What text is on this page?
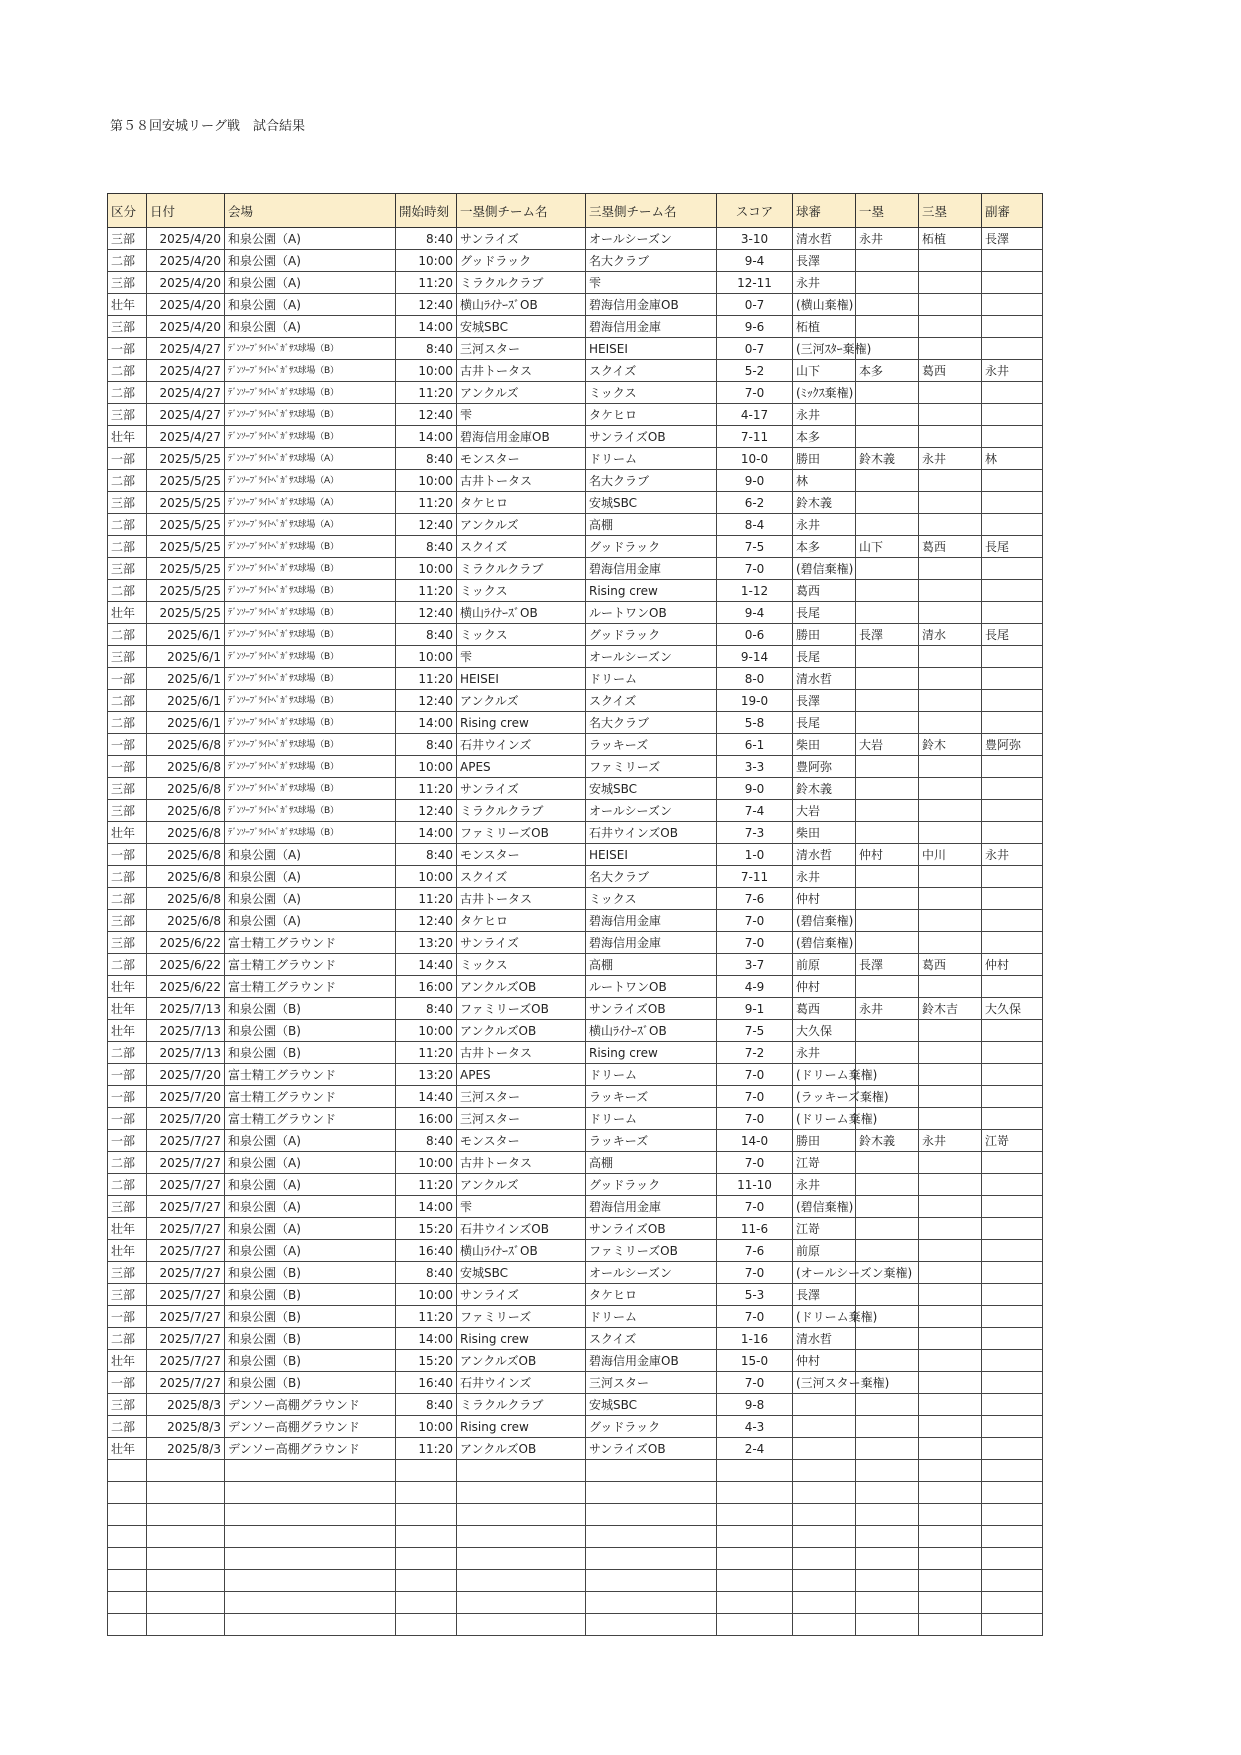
第５８回安城リーグ戦　試合結果
区分	日付	会場	開始時刻	一塁側チーム名	三塁側チーム名	スコア	球審	一塁	三塁	副審
三部	2025/4/20	和泉公園（A)	8:40	サンライズ	オールシーズン	3-10	清水哲	永井	柘植	長澤
二部	2025/4/20	和泉公園（A)	10:00	グッドラック	名大クラブ	9-4	長澤			
三部	2025/4/20	和泉公園（A)	11:20	ミラクルクラブ	雫	12-11	永井			
壮年	2025/4/20	和泉公園（A)	12:40	横山ﾗｲﾅｰｽﾞOB	碧海信用金庫OB	0-7	(横山棄権)			
三部	2025/4/20	和泉公園（A)	14:00	安城SBC	碧海信用金庫	9-6	柘植			
一部	2025/4/27	ﾃﾞﾝｿｰﾌﾞﾗｲﾄﾍﾟｶﾞｻｽ球場（B）	8:40	三河スター	HEISEI	0-7	(三河ｽﾀｰ棄権)			
二部	2025/4/27	ﾃﾞﾝｿｰﾌﾞﾗｲﾄﾍﾟｶﾞｻｽ球場（B）	10:00	古井トータス	スクイズ	5-2	山下	本多	葛西	永井
二部	2025/4/27	ﾃﾞﾝｿｰﾌﾞﾗｲﾄﾍﾟｶﾞｻｽ球場（B）	11:20	アンクルズ	ミックス	7-0	(ﾐｯｸｽ棄権)			
三部	2025/4/27	ﾃﾞﾝｿｰﾌﾞﾗｲﾄﾍﾟｶﾞｻｽ球場（B）	12:40	雫	タケヒロ	4-17	永井			
壮年	2025/4/27	ﾃﾞﾝｿｰﾌﾞﾗｲﾄﾍﾟｶﾞｻｽ球場（B）	14:00	碧海信用金庫OB	サンライズOB	7-11	本多			
一部	2025/5/25	ﾃﾞﾝｿｰﾌﾞﾗｲﾄﾍﾟｶﾞｻｽ球場（A）	8:40	モンスター	ドリーム	10-0	勝田	鈴木義	永井	林
二部	2025/5/25	ﾃﾞﾝｿｰﾌﾞﾗｲﾄﾍﾟｶﾞｻｽ球場（A）	10:00	古井トータス	名大クラブ	9-0	林			
三部	2025/5/25	ﾃﾞﾝｿｰﾌﾞﾗｲﾄﾍﾟｶﾞｻｽ球場（A）	11:20	タケヒロ	安城SBC	6-2	鈴木義			
二部	2025/5/25	ﾃﾞﾝｿｰﾌﾞﾗｲﾄﾍﾟｶﾞｻｽ球場（A）	12:40	アンクルズ	高棚	8-4	永井			
二部	2025/5/25	ﾃﾞﾝｿｰﾌﾞﾗｲﾄﾍﾟｶﾞｻｽ球場（B）	8:40	スクイズ	グッドラック	7-5	本多	山下	葛西	長尾
三部	2025/5/25	ﾃﾞﾝｿｰﾌﾞﾗｲﾄﾍﾟｶﾞｻｽ球場（B）	10:00	ミラクルクラブ	碧海信用金庫	7-0	(碧信棄権)			
二部	2025/5/25	ﾃﾞﾝｿｰﾌﾞﾗｲﾄﾍﾟｶﾞｻｽ球場（B）	11:20	ミックス	Rising crew	1-12	葛西			
壮年	2025/5/25	ﾃﾞﾝｿｰﾌﾞﾗｲﾄﾍﾟｶﾞｻｽ球場（B）	12:40	横山ﾗｲﾅｰｽﾞOB	ルートワンOB	9-4	長尾			
二部	2025/6/1	ﾃﾞﾝｿｰﾌﾞﾗｲﾄﾍﾟｶﾞｻｽ球場（B）	8:40	ミックス	グッドラック	0-6	勝田	長澤	清水	長尾
三部	2025/6/1	ﾃﾞﾝｿｰﾌﾞﾗｲﾄﾍﾟｶﾞｻｽ球場（B）	10:00	雫	オールシーズン	9-14	長尾			
一部	2025/6/1	ﾃﾞﾝｿｰﾌﾞﾗｲﾄﾍﾟｶﾞｻｽ球場（B）	11:20	HEISEI	ドリーム	8-0	清水哲			
二部	2025/6/1	ﾃﾞﾝｿｰﾌﾞﾗｲﾄﾍﾟｶﾞｻｽ球場（B）	12:40	アンクルズ	スクイズ	19-0	長澤			
二部	2025/6/1	ﾃﾞﾝｿｰﾌﾞﾗｲﾄﾍﾟｶﾞｻｽ球場（B）	14:00	Rising crew	名大クラブ	5-8	長尾			
一部	2025/6/8	ﾃﾞﾝｿｰﾌﾞﾗｲﾄﾍﾟｶﾞｻｽ球場（B）	8:40	石井ウインズ	ラッキーズ	6-1	柴田	大岩	鈴木	豊阿弥
一部	2025/6/8	ﾃﾞﾝｿｰﾌﾞﾗｲﾄﾍﾟｶﾞｻｽ球場（B）	10:00	APES	ファミリーズ	3-3	豊阿弥			
三部	2025/6/8	ﾃﾞﾝｿｰﾌﾞﾗｲﾄﾍﾟｶﾞｻｽ球場（B）	11:20	サンライズ	安城SBC	9-0	鈴木義			
三部	2025/6/8	ﾃﾞﾝｿｰﾌﾞﾗｲﾄﾍﾟｶﾞｻｽ球場（B）	12:40	ミラクルクラブ	オールシーズン	7-4	大岩			
壮年	2025/6/8	ﾃﾞﾝｿｰﾌﾞﾗｲﾄﾍﾟｶﾞｻｽ球場（B）	14:00	ファミリーズOB	石井ウインズOB	7-3	柴田			
一部	2025/6/8	和泉公園（A)	8:40	モンスター	HEISEI	1-0	清水哲	仲村	中川	永井
二部	2025/6/8	和泉公園（A)	10:00	スクイズ	名大クラブ	7-11	永井			
二部	2025/6/8	和泉公園（A)	11:20	古井トータス	ミックス	7-6	仲村			
三部	2025/6/8	和泉公園（A)	12:40	タケヒロ	碧海信用金庫	7-0	(碧信棄権)			
三部	2025/6/22	富士精工グラウンド	13:20	サンライズ	碧海信用金庫	7-0	(碧信棄権)			
二部	2025/6/22	富士精工グラウンド	14:40	ミックス	高棚	3-7	前原	長澤	葛西	仲村
壮年	2025/6/22	富士精工グラウンド	16:00	アンクルズOB	ルートワンOB	4-9	仲村			
壮年	2025/7/13	和泉公園（B)	8:40	ファミリーズOB	サンライズOB	9-1	葛西	永井	鈴木吉	大久保
壮年	2025/7/13	和泉公園（B)	10:00	アンクルズOB	横山ﾗｲﾅｰｽﾞOB	7-5	大久保			
二部	2025/7/13	和泉公園（B)	11:20	古井トータス	Rising crew	7-2	永井			
一部	2025/7/20	富士精工グラウンド	13:20	APES	ドリーム	7-0	(ドリーム棄権)			
一部	2025/7/20	富士精工グラウンド	14:40	三河スター	ラッキーズ	7-0	(ラッキーズ棄権)			
一部	2025/7/20	富士精工グラウンド	16:00	三河スター	ドリーム	7-0	(ドリーム棄権)			
一部	2025/7/27	和泉公園（A)	8:40	モンスター	ラッキーズ	14-0	勝田	鈴木義	永井	江嵜
二部	2025/7/27	和泉公園（A)	10:00	古井トータス	高棚	7-0	江嵜			
二部	2025/7/27	和泉公園（A)	11:20	アンクルズ	グッドラック	11-10	永井			
三部	2025/7/27	和泉公園（A)	14:00	雫	碧海信用金庫	7-0	(碧信棄権)			
壮年	2025/7/27	和泉公園（A)	15:20	石井ウインズOB	サンライズOB	11-6	江嵜			
壮年	2025/7/27	和泉公園（A)	16:40	横山ﾗｲﾅｰｽﾞOB	ファミリーズOB	7-6	前原			
三部	2025/7/27	和泉公園（B)	8:40	安城SBC	オールシーズン	7-0	(オールシーズン棄権)			
三部	2025/7/27	和泉公園（B)	10:00	サンライズ	タケヒロ	5-3	長澤			
一部	2025/7/27	和泉公園（B)	11:20	ファミリーズ	ドリーム	7-0	(ドリーム棄権)			
二部	2025/7/27	和泉公園（B)	14:00	Rising crew	スクイズ	1-16	清水哲			
壮年	2025/7/27	和泉公園（B)	15:20	アンクルズOB	碧海信用金庫OB	15-0	仲村			
一部	2025/7/27	和泉公園（B)	16:40	石井ウインズ	三河スター	7-0	(三河スター棄権)			
三部	2025/8/3	デンソー高棚グラウンド	8:40	ミラクルクラブ	安城SBC	9-8				
二部	2025/8/3	デンソー高棚グラウンド	10:00	Rising crew	グッドラック	4-3				
壮年	2025/8/3	デンソー高棚グラウンド	11:20	アンクルズOB	サンライズOB	2-4				
